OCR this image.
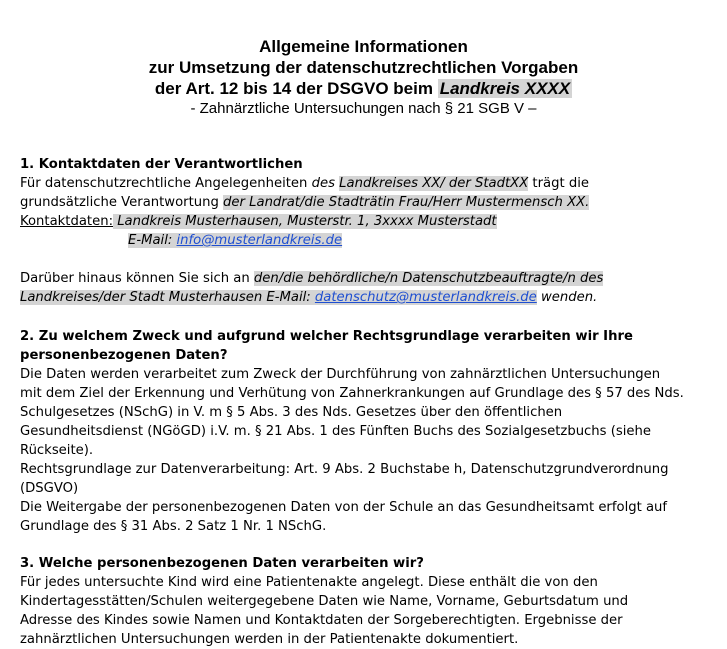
Allgemeine Informationen
zur Umsetzung der datenschutzrechtlichen Vorgaben
der Art. 12 bis 14 der DSGVO beim Landkreis XXXX
- Zahnärztliche Untersuchungen nach § 21 SGB V –
1. Kontaktdaten der Verantwortlichen
Für datenschutzrechtliche Angelegenheiten des Landkreises XX/ der StadtXX trägt die
grundsätzliche Verantwortung der Landrat/die Stadträtin Frau/Herr Mustermensch XX.
Kontaktdaten: Landkreis Musterhausen, Musterstr. 1, 3xxxx Musterstadt
E-Mail: info@musterlandkreis.de
Darüber hinaus können Sie sich an den/die behördliche/n Datenschutzbeauftragte/n des
Landkreises/der Stadt Musterhausen E-Mail: datenschutz@musterlandkreis.de wenden.
2. Zu welchem Zweck und aufgrund welcher Rechtsgrundlage verarbeiten wir Ihre
personenbezogenen Daten?
Die Daten werden verarbeitet zum Zweck der Durchführung von zahnärztlichen Untersuchungen
mit dem Ziel der Erkennung und Verhütung von Zahnerkrankungen auf Grundlage des § 57 des Nds.
Schulgesetzes (NSchG) in V. m § 5 Abs. 3 des Nds. Gesetzes über den öffentlichen
Gesundheitsdienst (NGöGD) i.V. m. § 21 Abs. 1 des Fünften Buchs des Sozialgesetzbuchs (siehe
Rückseite).
Rechtsgrundlage zur Datenverarbeitung: Art. 9 Abs. 2 Buchstabe h, Datenschutzgrundverordnung
(DSGVO)
Die Weitergabe der personenbezogenen Daten von der Schule an das Gesundheitsamt erfolgt auf
Grundlage des § 31 Abs. 2 Satz 1 Nr. 1 NSchG.
3. Welche personenbezogenen Daten verarbeiten wir?
Für jedes untersuchte Kind wird eine Patientenakte angelegt. Diese enthält die von den
Kindertagesstätten/Schulen weitergegebene Daten wie Name, Vorname, Geburtsdatum und
Adresse des Kindes sowie Namen und Kontaktdaten der Sorgeberechtigten. Ergebnisse der
zahnärztlichen Untersuchungen werden in der Patientenakte dokumentiert.
